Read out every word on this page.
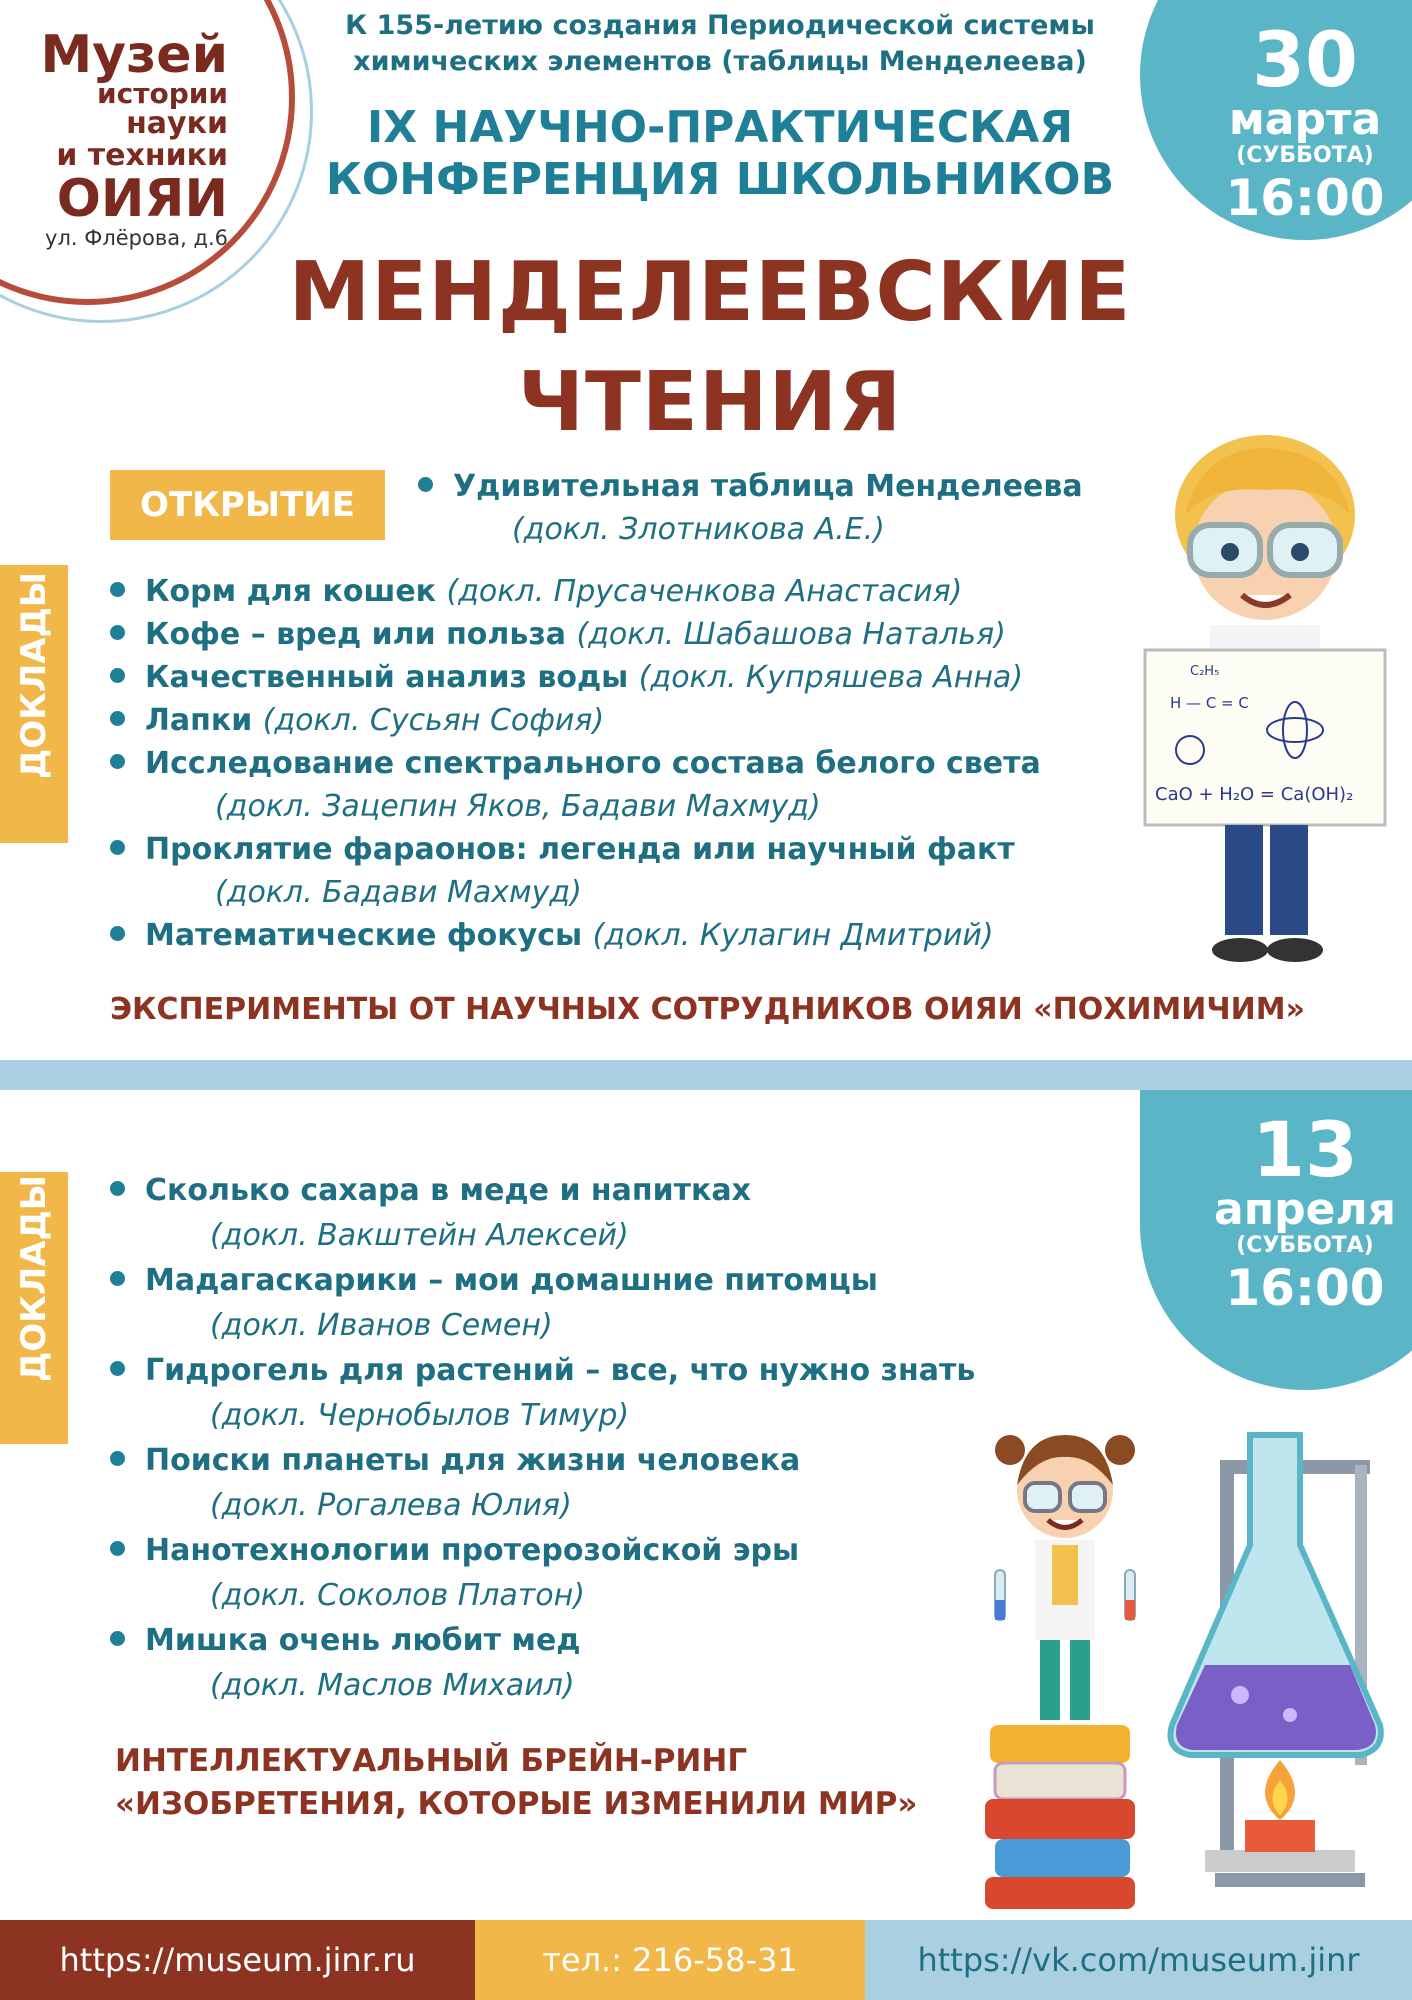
Музей
истории
науки
и техники
ОИЯИ
ул. Флёрова, д.6
К 155-летию создания Периодической системы
химических элементов (таблицы Менделеева)
IX НАУЧНО-ПРАКТИЧЕСКАЯ
КОНФЕРЕНЦИЯ ШКОЛЬНИКОВ
МЕНДЕЛЕЕВСКИЕ
ЧТЕНИЯ
30
марта
(СУББОТА)
16:00
ОТКРЫТИЕ	Удивительная таблица Менделеева
(докл. Злотникова А.Е.)
ДОКЛАДЫ	Корм для кошек (докл. Прусаченкова Анастасия)
Кофе – вред или польза (докл. Шабашова Наталья)
Качественный анализ воды (докл. Купряшева Анна)
Лапки (докл. Сусьян София)
Исследование спектрального состава белого света
(докл. Зацепин Яков, Бадави Махмуд)
Проклятие фараонов: легенда или научный факт
(докл. Бадави Махмуд)
Математические фокусы (докл. Кулагин Дмитрий)
C₂H₅
H — C = C
CaO + H₂O = Ca(OH)₂
ЭКСПЕРИМЕНТЫ ОТ НАУЧНЫХ СОТРУДНИКОВ ОИЯИ «ПОХИМИЧИМ»
13
апреля
(СУББОТА)
16:00
ДОКЛАДЫ	Сколько сахара в меде и напитках
(докл. Вакштейн Алексей)
Мадагаскарики – мои домашние питомцы
(докл. Иванов Семен)
Гидрогель для растений – все, что нужно знать
(докл. Чернобылов Тимур)
Поиски планеты для жизни человека
(докл. Рогалева Юлия)
Нанотехнологии протерозойской эры
(докл. Соколов Платон)
Мишка очень любит мед
(докл. Маслов Михаил)
ИНТЕЛЛЕКТУАЛЬНЫЙ БРЕЙН-РИНГ
«ИЗОБРЕТЕНИЯ, КОТОРЫЕ ИЗМЕНИЛИ МИР»
https://museum.jinr.ru	тел.: 216-58-31	https://vk.com/museum.jinr
